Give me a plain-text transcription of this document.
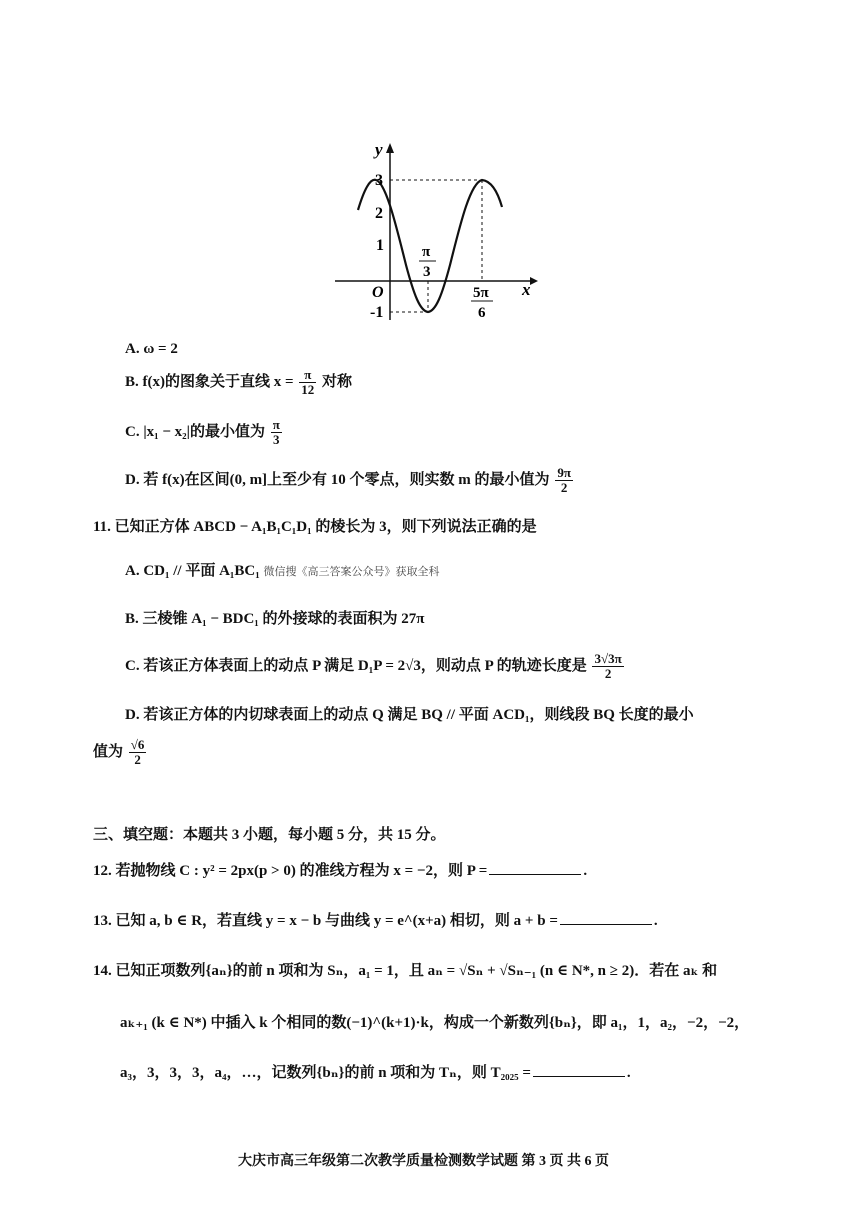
y
x
O
3
2
1
-1
π
3
5π
6
A. ω = 2
B. f(x)的图象关于直线 $x = \frac{\pi}{12}$ 对称
C. |x₁ − x₂|的最小值为 $\frac{\pi}{3}$
D. 若 f(x)在区间(0, m]上至少有 10 个零点，则实数 m 的最小值为 $\frac{9\pi}{2}$
11. 已知正方体 ABCD − A₁B₁C₁D₁ 的棱长为 3，则下列说法正确的是
A. CD₁ // 平面 A₁BC₁ 微信搜《高三答案公众号》获取全科
B. 三棱锥 A₁ − BDC₁ 的外接球的表面积为 27π
C. 若该正方体表面上的动点 P 满足 D₁P = 2√3，则动点 P 的轨迹长度是 $\frac{3√3\pi}{2}$
D. 若该正方体的内切球表面上的动点 Q 满足 BQ // 平面 ACD₁，则线段 BQ 长度的最小
值为 $\frac{√6}{2}$
三、填空题：本题共 3 小题，每小题 5 分，共 15 分。
12. 若抛物线 C : y² = 2px(p > 0) 的准线方程为 x = −2，则 P =	.
13. 已知 a, b ∈ R，若直线 y = x − b 与曲线 y = e^(x+a) 相切，则 a + b =	.
14. 已知正项数列{aₙ}的前 n 项和为 Sₙ，a₁ = 1，且 aₙ = √Sₙ + √Sₙ₋₁ (n ∈ N*, n ≥ 2)．若在 aₖ 和
aₖ₊₁ (k ∈ N*) 中插入 k 个相同的数(−1)^(k+1)·k，构成一个新数列{bₙ}，即 a₁，1，a₂，−2，−2，
a₃，3，3，3，a₄，…，记数列{bₙ}的前 n 项和为 Tₙ，则 T₂₀₂₅ =	.
大庆市高三年级第二次教学质量检测数学试题 第 3 页 共 6 页
